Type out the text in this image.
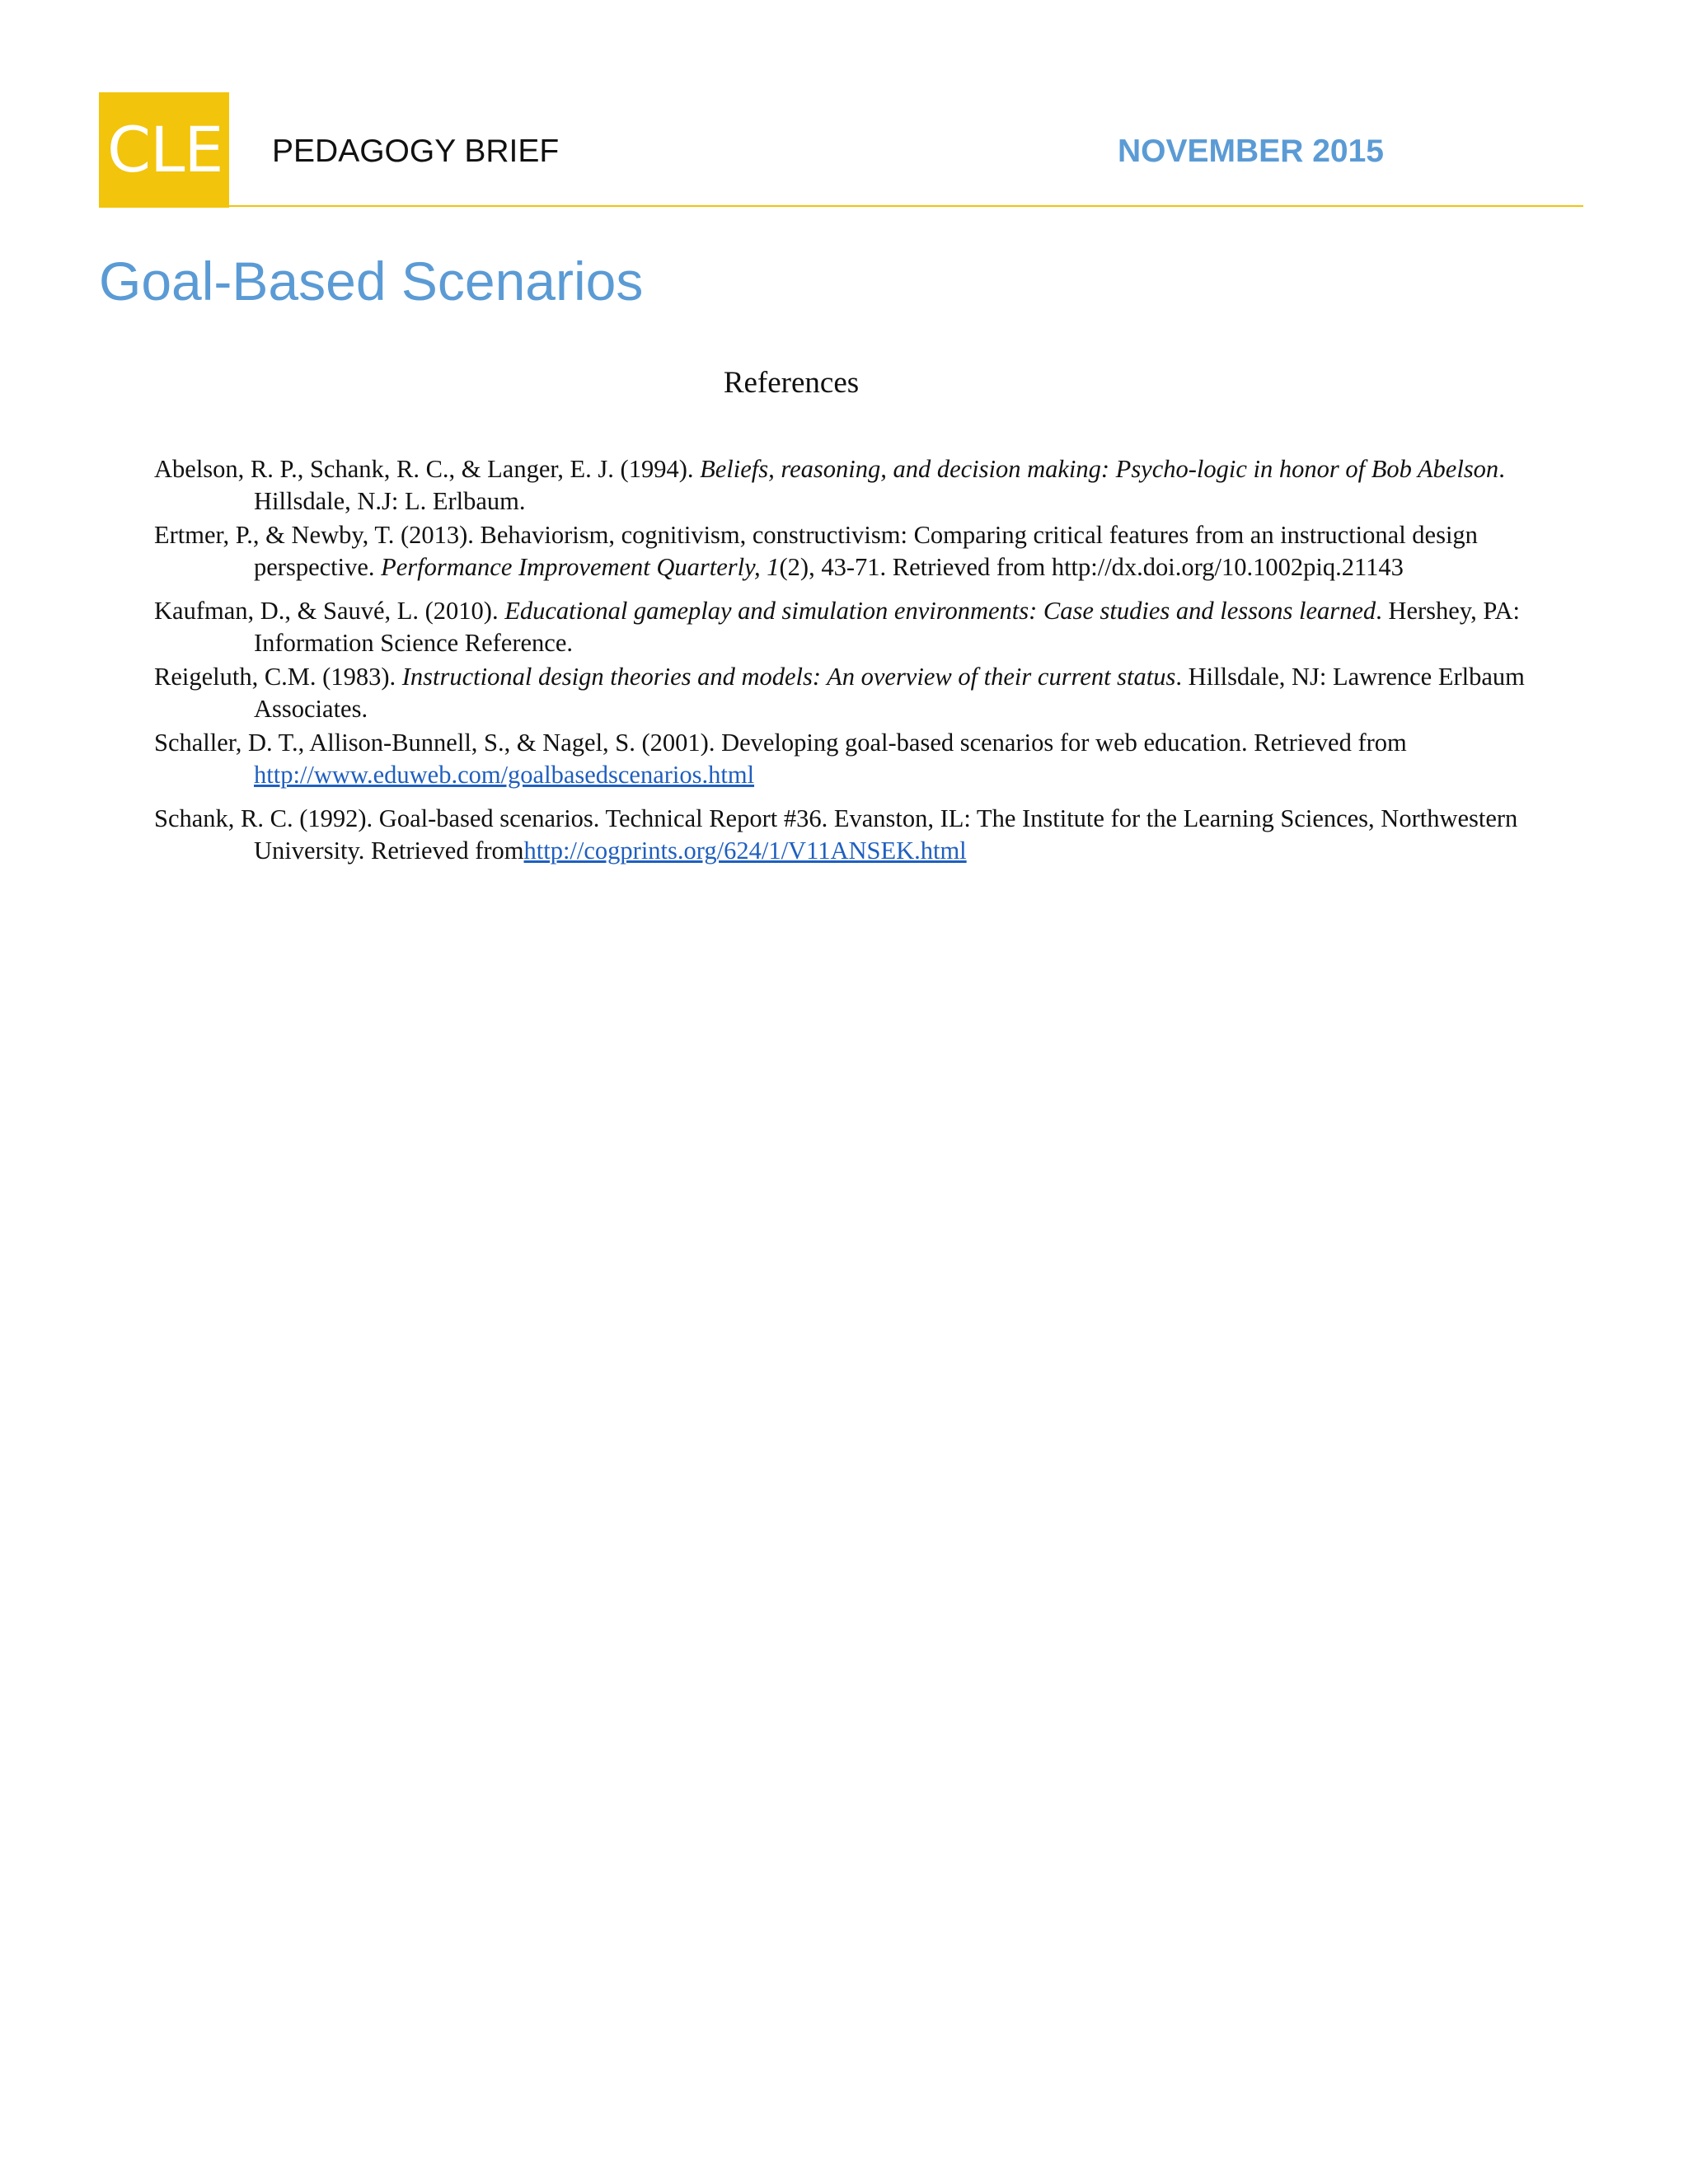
CLE PEDAGOGY BRIEF	NOVEMBER 2015
Goal-Based Scenarios
References
Abelson, R. P., Schank, R. C., & Langer, E. J. (1994). Beliefs, reasoning, and decision making: Psycho-logic in honor of Bob Abelson. Hillsdale, N.J: L. Erlbaum.
Ertmer, P., & Newby, T. (2013). Behaviorism, cognitivism, constructivism: Comparing critical features from an instructional design perspective. Performance Improvement Quarterly, 1(2), 43-71. Retrieved from http://dx.doi.org/10.1002piq.21143
Kaufman, D., & Sauvé, L. (2010). Educational gameplay and simulation environments: Case studies and lessons learned. Hershey, PA: Information Science Reference.
Reigeluth, C.M. (1983). Instructional design theories and models: An overview of their current status. Hillsdale, NJ: Lawrence Erlbaum Associates.
Schaller, D. T., Allison-Bunnell, S., & Nagel, S. (2001). Developing goal-based scenarios for web education. Retrieved from http://www.eduweb.com/goalbasedscenarios.html
Schank, R. C. (1992). Goal-based scenarios. Technical Report #36. Evanston, IL: The Institute for the Learning Sciences, Northwestern University. Retrieved fromhttp://cogprints.org/624/1/V11ANSEK.html
